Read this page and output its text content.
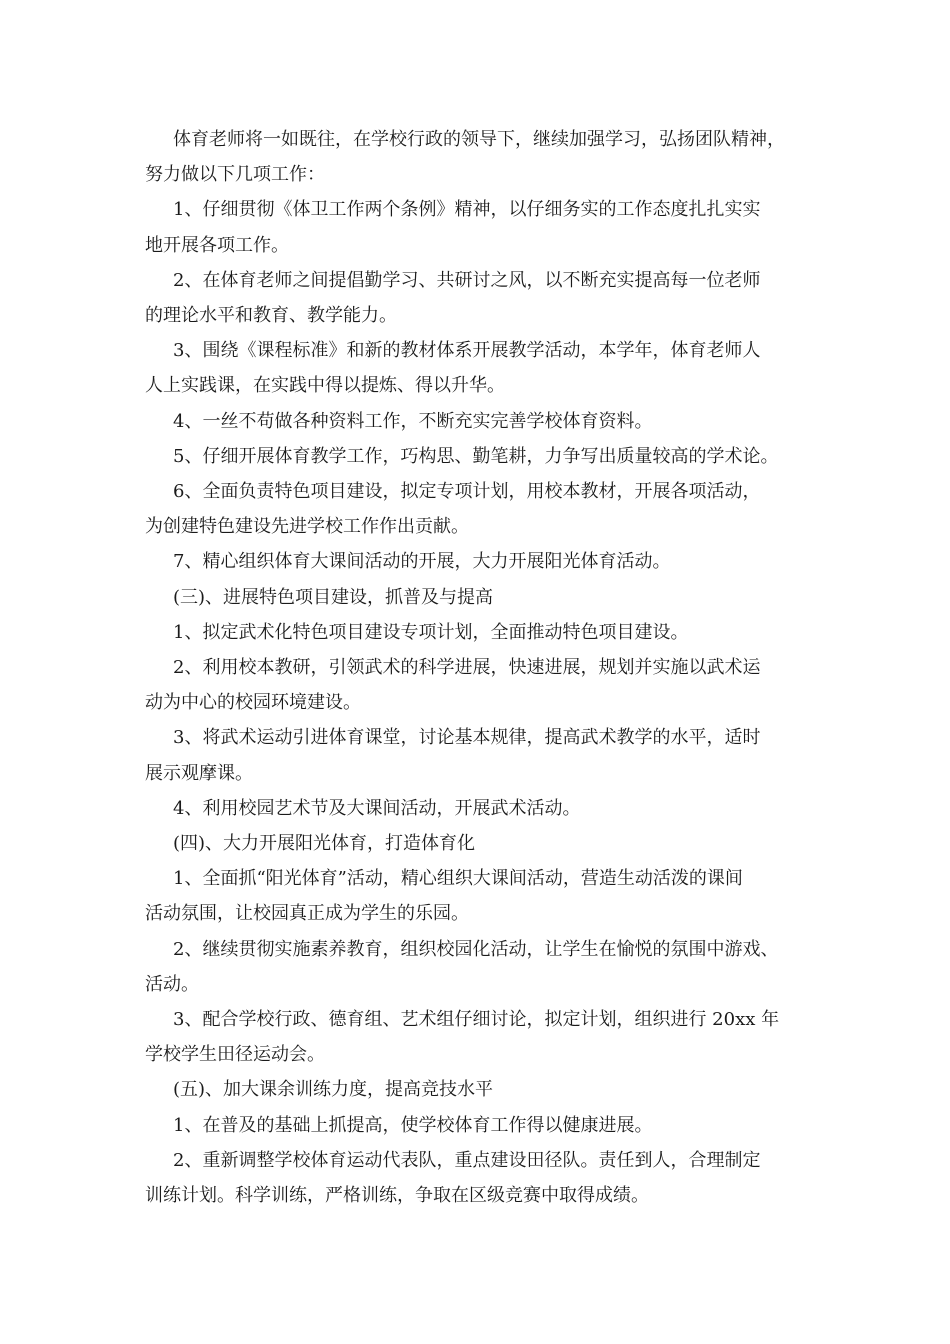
体育老师将一如既往，在学校行政的领导下，继续加强学习，弘扬团队精神，
努力做以下几项工作：

1、仔细贯彻《体卫工作两个条例》精神，以仔细务实的工作态度扎扎实实
地开展各项工作。

2、在体育老师之间提倡勤学习、共研讨之风，以不断充实提高每一位老师
的理论水平和教育、教学能力。

3、围绕《课程标准》和新的教材体系开展教学活动，本学年，体育老师人
人上实践课，在实践中得以提炼、得以升华。

4、一丝不苟做各种资料工作，不断充实完善学校体育资料。

5、仔细开展体育教学工作，巧构思、勤笔耕，力争写出质量较高的学术论。

6、全面负责特色项目建设，拟定专项计划，用校本教材，开展各项活动，
为创建特色建设先进学校工作作出贡献。

7、精心组织体育大课间活动的开展，大力开展阳光体育活动。

(三)、进展特色项目建设，抓普及与提高

1、拟定武术化特色项目建设专项计划，全面推动特色项目建设。

2、利用校本教研，引领武术的科学进展，快速进展，规划并实施以武术运
动为中心的校园环境建设。

3、将武术运动引进体育课堂，讨论基本规律，提高武术教学的水平，适时
展示观摩课。

4、利用校园艺术节及大课间活动，开展武术活动。

(四)、大力开展阳光体育，打造体育化

1、全面抓“阳光体育”活动，精心组织大课间活动，营造生动活泼的课间
活动氛围，让校园真正成为学生的乐园。

2、继续贯彻实施素养教育，组织校园化活动，让学生在愉悦的氛围中游戏、
活动。

3、配合学校行政、德育组、艺术组仔细讨论，拟定计划，组织进行 20xx 年
学校学生田径运动会。

(五)、加大课余训练力度，提高竞技水平

1、在普及的基础上抓提高，使学校体育工作得以健康进展。

2、重新调整学校体育运动代表队，重点建设田径队。责任到人，合理制定
训练计划。科学训练，严格训练，争取在区级竞赛中取得成绩。
